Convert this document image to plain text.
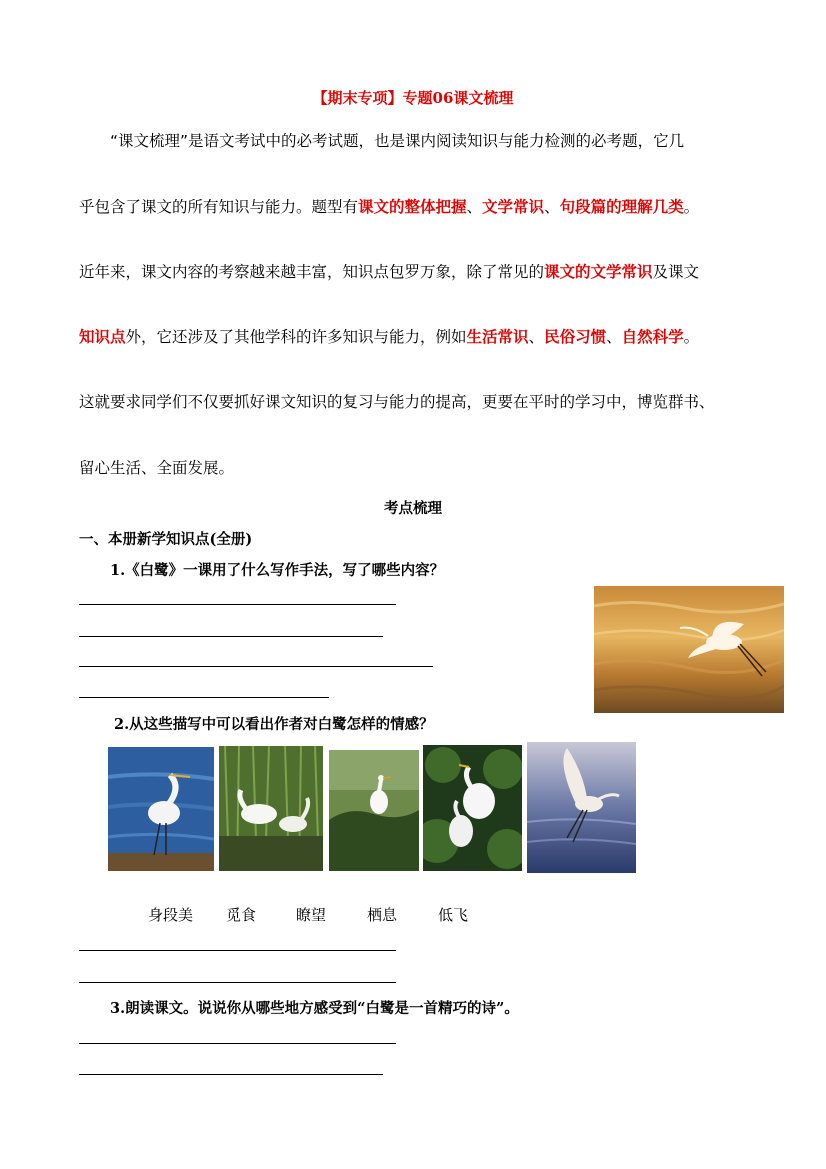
【期末专项】专题06课文梳理
“课文梳理”是语文考试中的必考试题，也是课内阅读知识与能力检测的必考题，它几
乎包含了课文的所有知识与能力。题型有课文的整体把握、文学常识、句段篇的理解几类。
近年来，课文内容的考察越来越丰富，知识点包罗万象，除了常见的课文的文学常识及课文
知识点外，它还涉及了其他学科的许多知识与能力，例如生活常识、民俗习惯、自然科学。
这就要求同学们不仅要抓好课文知识的复习与能力的提高，更要在平时的学习中，博览群书、
留心生活、全面发展。
考点梳理
一、本册新学知识点(全册)
1.《白鹭》一课用了什么写作手法，写了哪些内容？
2.从这些描写中可以看出作者对白鹭怎样的情感？
身段美 觅食	瞭望	栖息	低飞
3.朗读课文。说说你从哪些地方感受到“白鹭是一首精巧的诗”。
